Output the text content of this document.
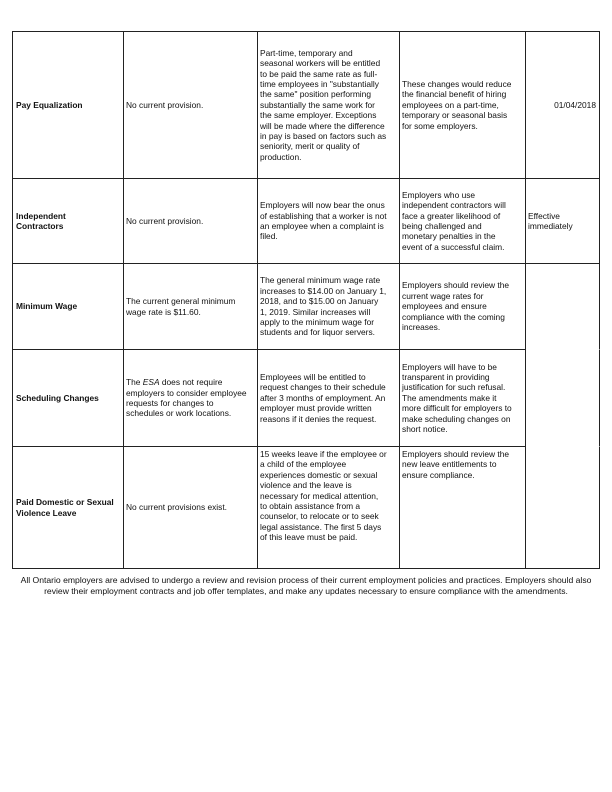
Pay Equalization	No current provision.
Part-time, temporary and
seasonal workers will be entitled
to be paid the same rate as full-
time employees in "substantially
the same" position performing
substantially the same work for
the same employer. Exceptions
will be made where the difference
in pay is based on factors such as
seniority, merit or quality of
production.
These changes would reduce
the financial benefit of hiring
employees on a part-time,
temporary or seasonal basis
for some employers.
01/04/2018
Independent
Contractors
No current provision.
Employers will now bear the onus
of establishing that a worker is not
an employee when a complaint is
filed.
Employers who use
independent contractors will
face a greater likelihood of
being challenged and
monetary penalties in the
event of a successful claim.
Effective
immediately
Minimum Wage
The current general minimum
wage rate is $11.60.
The general minimum wage rate
increases to $14.00 on January 1,
2018, and to $15.00 on January
1, 2019. Similar increases will
apply to the minimum wage for
students and for liquor servers.
Employers should review the
current wage rates for
employees and ensure
compliance with the coming
increases.
Scheduling Changes
The ESA does not require
employers to consider employee
requests for changes to
schedules or work locations.
Employees will be entitled to
request changes to their schedule
after 3 months of employment. An
employer must provide written
reasons if it denies the request.
Employers will have to be
transparent in providing
justification for such refusal.
The amendments make it
more difficult for employers to
make scheduling changes on
short notice.
Paid Domestic or Sexual
Violence Leave
No current provisions exist.
15 weeks leave if the employee or
a child of the employee
experiences domestic or sexual
violence and the leave is
necessary for medical attention,
to obtain assistance from a
counselor, to relocate or to seek
legal assistance. The first 5 days
of this leave must be paid.
Employers should review the
new leave entitlements to
ensure compliance.
All Ontario employers are advised to undergo a review and revision process of their current employment policies and practices. Employers should also review their employment contracts and job offer templates, and make any updates necessary to ensure compliance with the amendments.
